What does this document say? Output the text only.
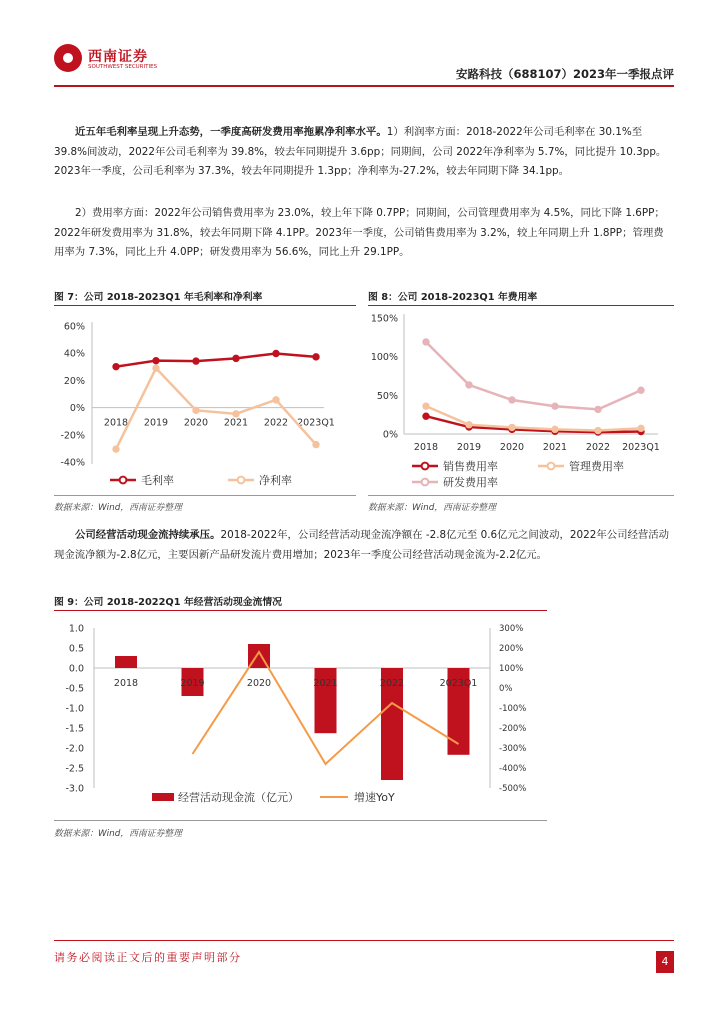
西南证券
SOUTHWEST SECURITIES	安路科技（688107）2023年一季报点评
近五年毛利率呈现上升态势，一季度高研发费用率拖累净利率水平。1）利润率方面：2018-2022年公司毛利率在 30.1%至 39.8%间波动，2022年公司毛利率为 39.8%，较去年同期提升 3.6pp；同期间，公司 2022年净利率为 5.7%，同比提升 10.3pp。2023年一季度，公司毛利率为 37.3%，较去年同期提升 1.3pp；净利率为-27.2%，较去年同期下降 34.1pp。
2）费用率方面：2022年公司销售费用率为 23.0%，较上年下降 0.7PP；同期间，公司管理费用率为 4.5%，同比下降 1.6PP；2022年研发费用率为 31.8%，较去年同期下降 4.1PP。2023年一季度，公司销售费用率为 3.2%，较上年同期上升 1.8PP；管理费用率为 7.3%，同比上升 4.0PP；研发费用率为 56.6%，同比上升 29.1PP。
图 7：公司 2018-2023Q1 年毛利率和净利率
60%
40%
20%
0%
-20%
-40%
2018 2019 2020 2021 2022 2023Q1
毛利率	净利率
数据来源：Wind，西南证券整理
图 8：公司 2018-2023Q1 年费用率
150%
100%
50%
0%
2018 2019 2020 2021 2022 2023Q1
销售费用率	管理费用率
研发费用率
数据来源：Wind，西南证券整理
公司经营活动现金流持续承压。2018-2022年，公司经营活动现金流净额在 -2.8亿元至 0.6亿元之间波动，2022年公司经营活动现金流净额为-2.8亿元，主要因新产品研发流片费用增加；2023年一季度公司经营活动现金流为-2.2亿元。
图 9：公司 2018-2022Q1 年经营活动现金流情况
1.0
0.5
0.0
-0.5
-1.0
-1.5
-2.0
-2.5
-3.0
300%
200%
100%
0%
-100%
-200%
-300%
-400%
-500%
2018	2019	2020	2021	2022	2023Q1
经营活动现金流（亿元）	增速YoY
数据来源：Wind，西南证券整理
请务必阅读正文后的重要声明部分	4
